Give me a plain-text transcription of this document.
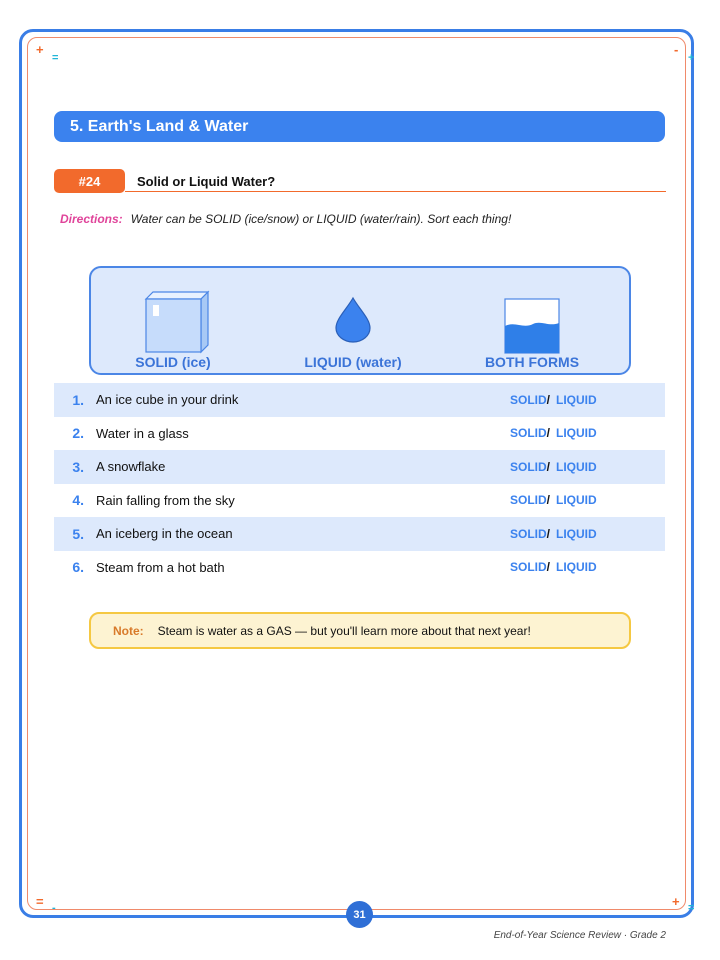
+
=
-
+
= -	+ =
5. Earth's Land & Water
#24	Solid or Liquid Water?
Directions: Water can be SOLID (ice/snow) or LIQUID (water/rain). Sort each thing!
SOLID (ice)	LIQUID (water)	BOTH FORMS
1. An ice cube in your drink	SOLID / LIQUID
2. Water in a glass	SOLID / LIQUID
3. A snowflake	SOLID / LIQUID
4. Rain falling from the sky	SOLID / LIQUID
5. An iceberg in the ocean	SOLID / LIQUID
6. Steam from a hot bath	SOLID / LIQUID
Note: Steam is water as a GAS — but you'll learn more about that next year!
31
End-of-Year Science Review · Grade 2
